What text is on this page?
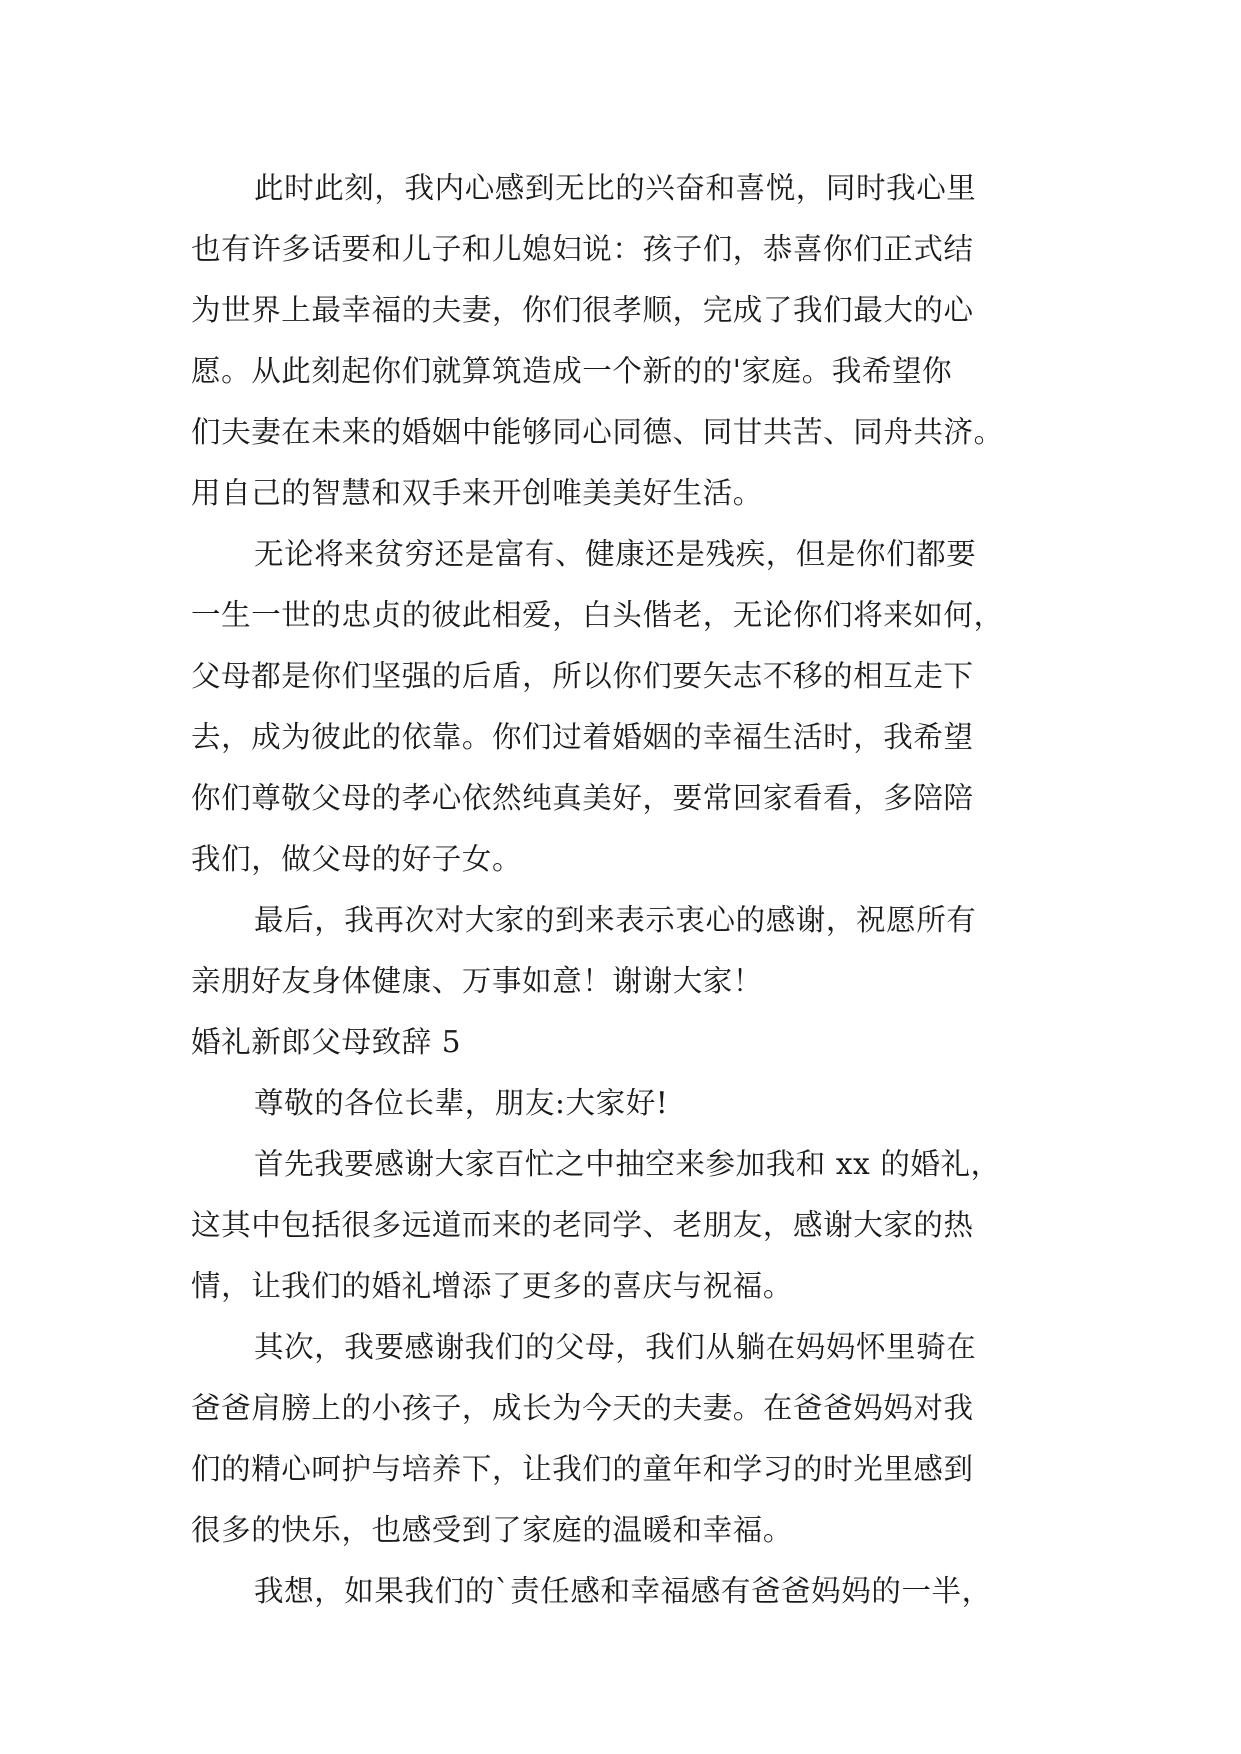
此时此刻，我内心感到无比的兴奋和喜悦，同时我心里
也有许多话要和儿子和儿媳妇说：孩子们，恭喜你们正式结
为世界上最幸福的夫妻，你们很孝顺，完成了我们最大的心
愿。从此刻起你们就算筑造成一个新的的'家庭。我希望你
们夫妻在未来的婚姻中能够同心同德、同甘共苦、同舟共济。
用自己的智慧和双手来开创唯美美好生活。
无论将来贫穷还是富有、健康还是残疾，但是你们都要
一生一世的忠贞的彼此相爱，白头偕老，无论你们将来如何，
父母都是你们坚强的后盾，所以你们要矢志不移的相互走下
去，成为彼此的依靠。你们过着婚姻的幸福生活时，我希望
你们尊敬父母的孝心依然纯真美好，要常回家看看，多陪陪
我们，做父母的好子女。
最后，我再次对大家的到来表示衷心的感谢，祝愿所有
亲朋好友身体健康、万事如意！谢谢大家！
婚礼新郎父母致辞 5
尊敬的各位长辈，朋友:大家好!
首先我要感谢大家百忙之中抽空来参加我和 xx 的婚礼，
这其中包括很多远道而来的老同学、老朋友，感谢大家的热
情，让我们的婚礼增添了更多的喜庆与祝福。
其次，我要感谢我们的父母，我们从躺在妈妈怀里骑在
爸爸肩膀上的小孩子，成长为今天的夫妻。在爸爸妈妈对我
们的精心呵护与培养下，让我们的童年和学习的时光里感到
很多的快乐，也感受到了家庭的温暖和幸福。
我想，如果我们的`责任感和幸福感有爸爸妈妈的一半，
